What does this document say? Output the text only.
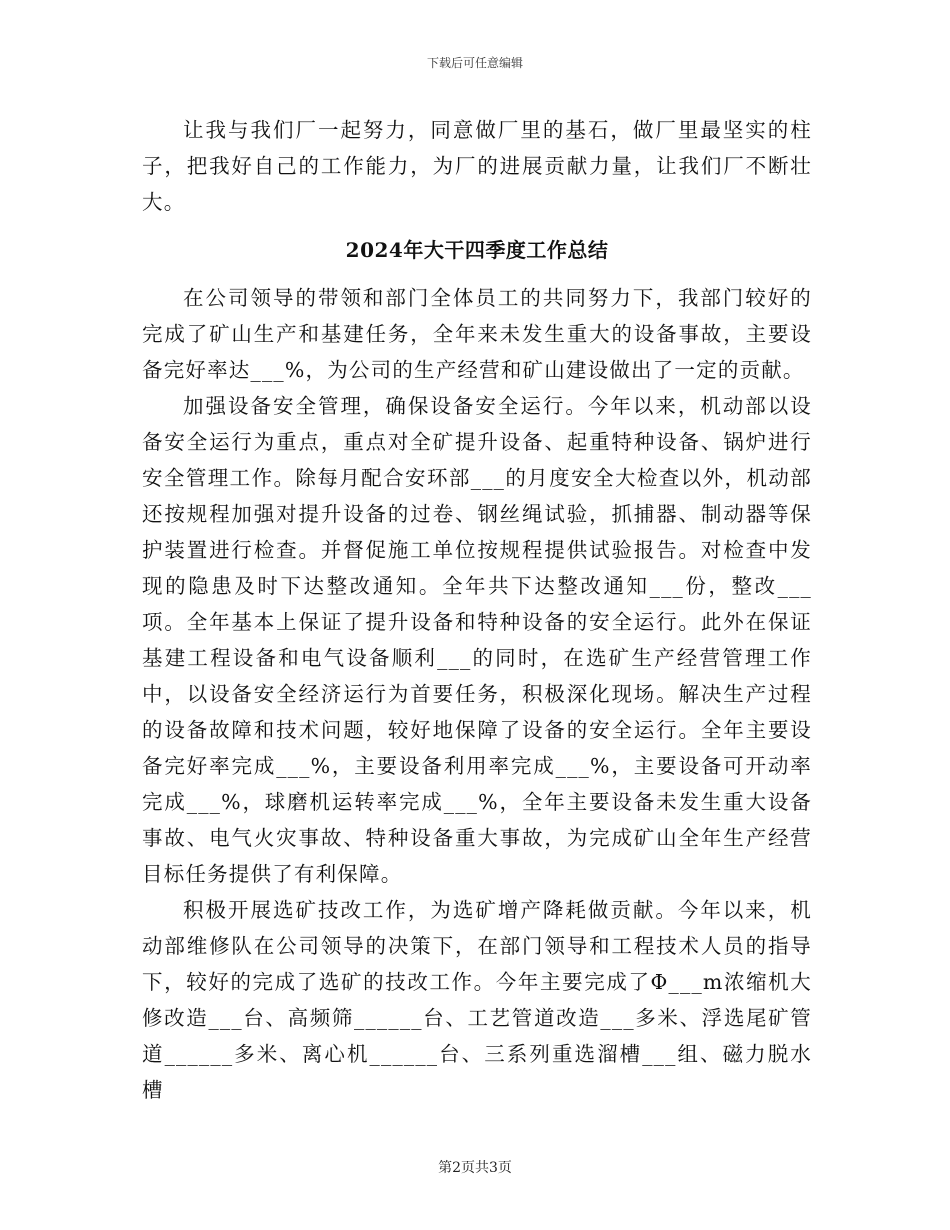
下载后可任意编辑

让我与我们厂一起努力，同意做厂里的基石，做厂里最坚实的柱子，把我好自己的工作能力，为厂的进展贡献力量，让我们厂不断壮大。

2024年大干四季度工作总结

在公司领导的带领和部门全体员工的共同努力下，我部门较好的完成了矿山生产和基建任务，全年来未发生重大的设备事故，主要设备完好率达___%，为公司的生产经营和矿山建设做出了一定的贡献。

加强设备安全管理，确保设备安全运行。今年以来，机动部以设备安全运行为重点，重点对全矿提升设备、起重特种设备、锅炉进行安全管理工作。除每月配合安环部___的月度安全大检查以外，机动部还按规程加强对提升设备的过卷、钢丝绳试验，抓捕器、制动器等保护装置进行检查。并督促施工单位按规程提供试验报告。对检查中发现的隐患及时下达整改通知。全年共下达整改通知___份，整改___项。全年基本上保证了提升设备和特种设备的安全运行。此外在保证基建工程设备和电气设备顺利___的同时，在选矿生产经营管理工作中，以设备安全经济运行为首要任务，积极深化现场。解决生产过程的设备故障和技术问题，较好地保障了设备的安全运行。全年主要设备完好率完成___%，主要设备利用率完成___%，主要设备可开动率完成___%，球磨机运转率完成___%，全年主要设备未发生重大设备事故、电气火灾事故、特种设备重大事故，为完成矿山全年生产经营目标任务提供了有利保障。

积极开展选矿技改工作，为选矿增产降耗做贡献。今年以来，机动部维修队在公司领导的决策下，在部门领导和工程技术人员的指导下，较好的完成了选矿的技改工作。今年主要完成了Φ___m浓缩机大修改造___台、高频筛______台、工艺管道改造___多米、浮选尾矿管道______多米、离心机______台、三系列重选溜槽___组、磁力脱水槽

第2页共3页
